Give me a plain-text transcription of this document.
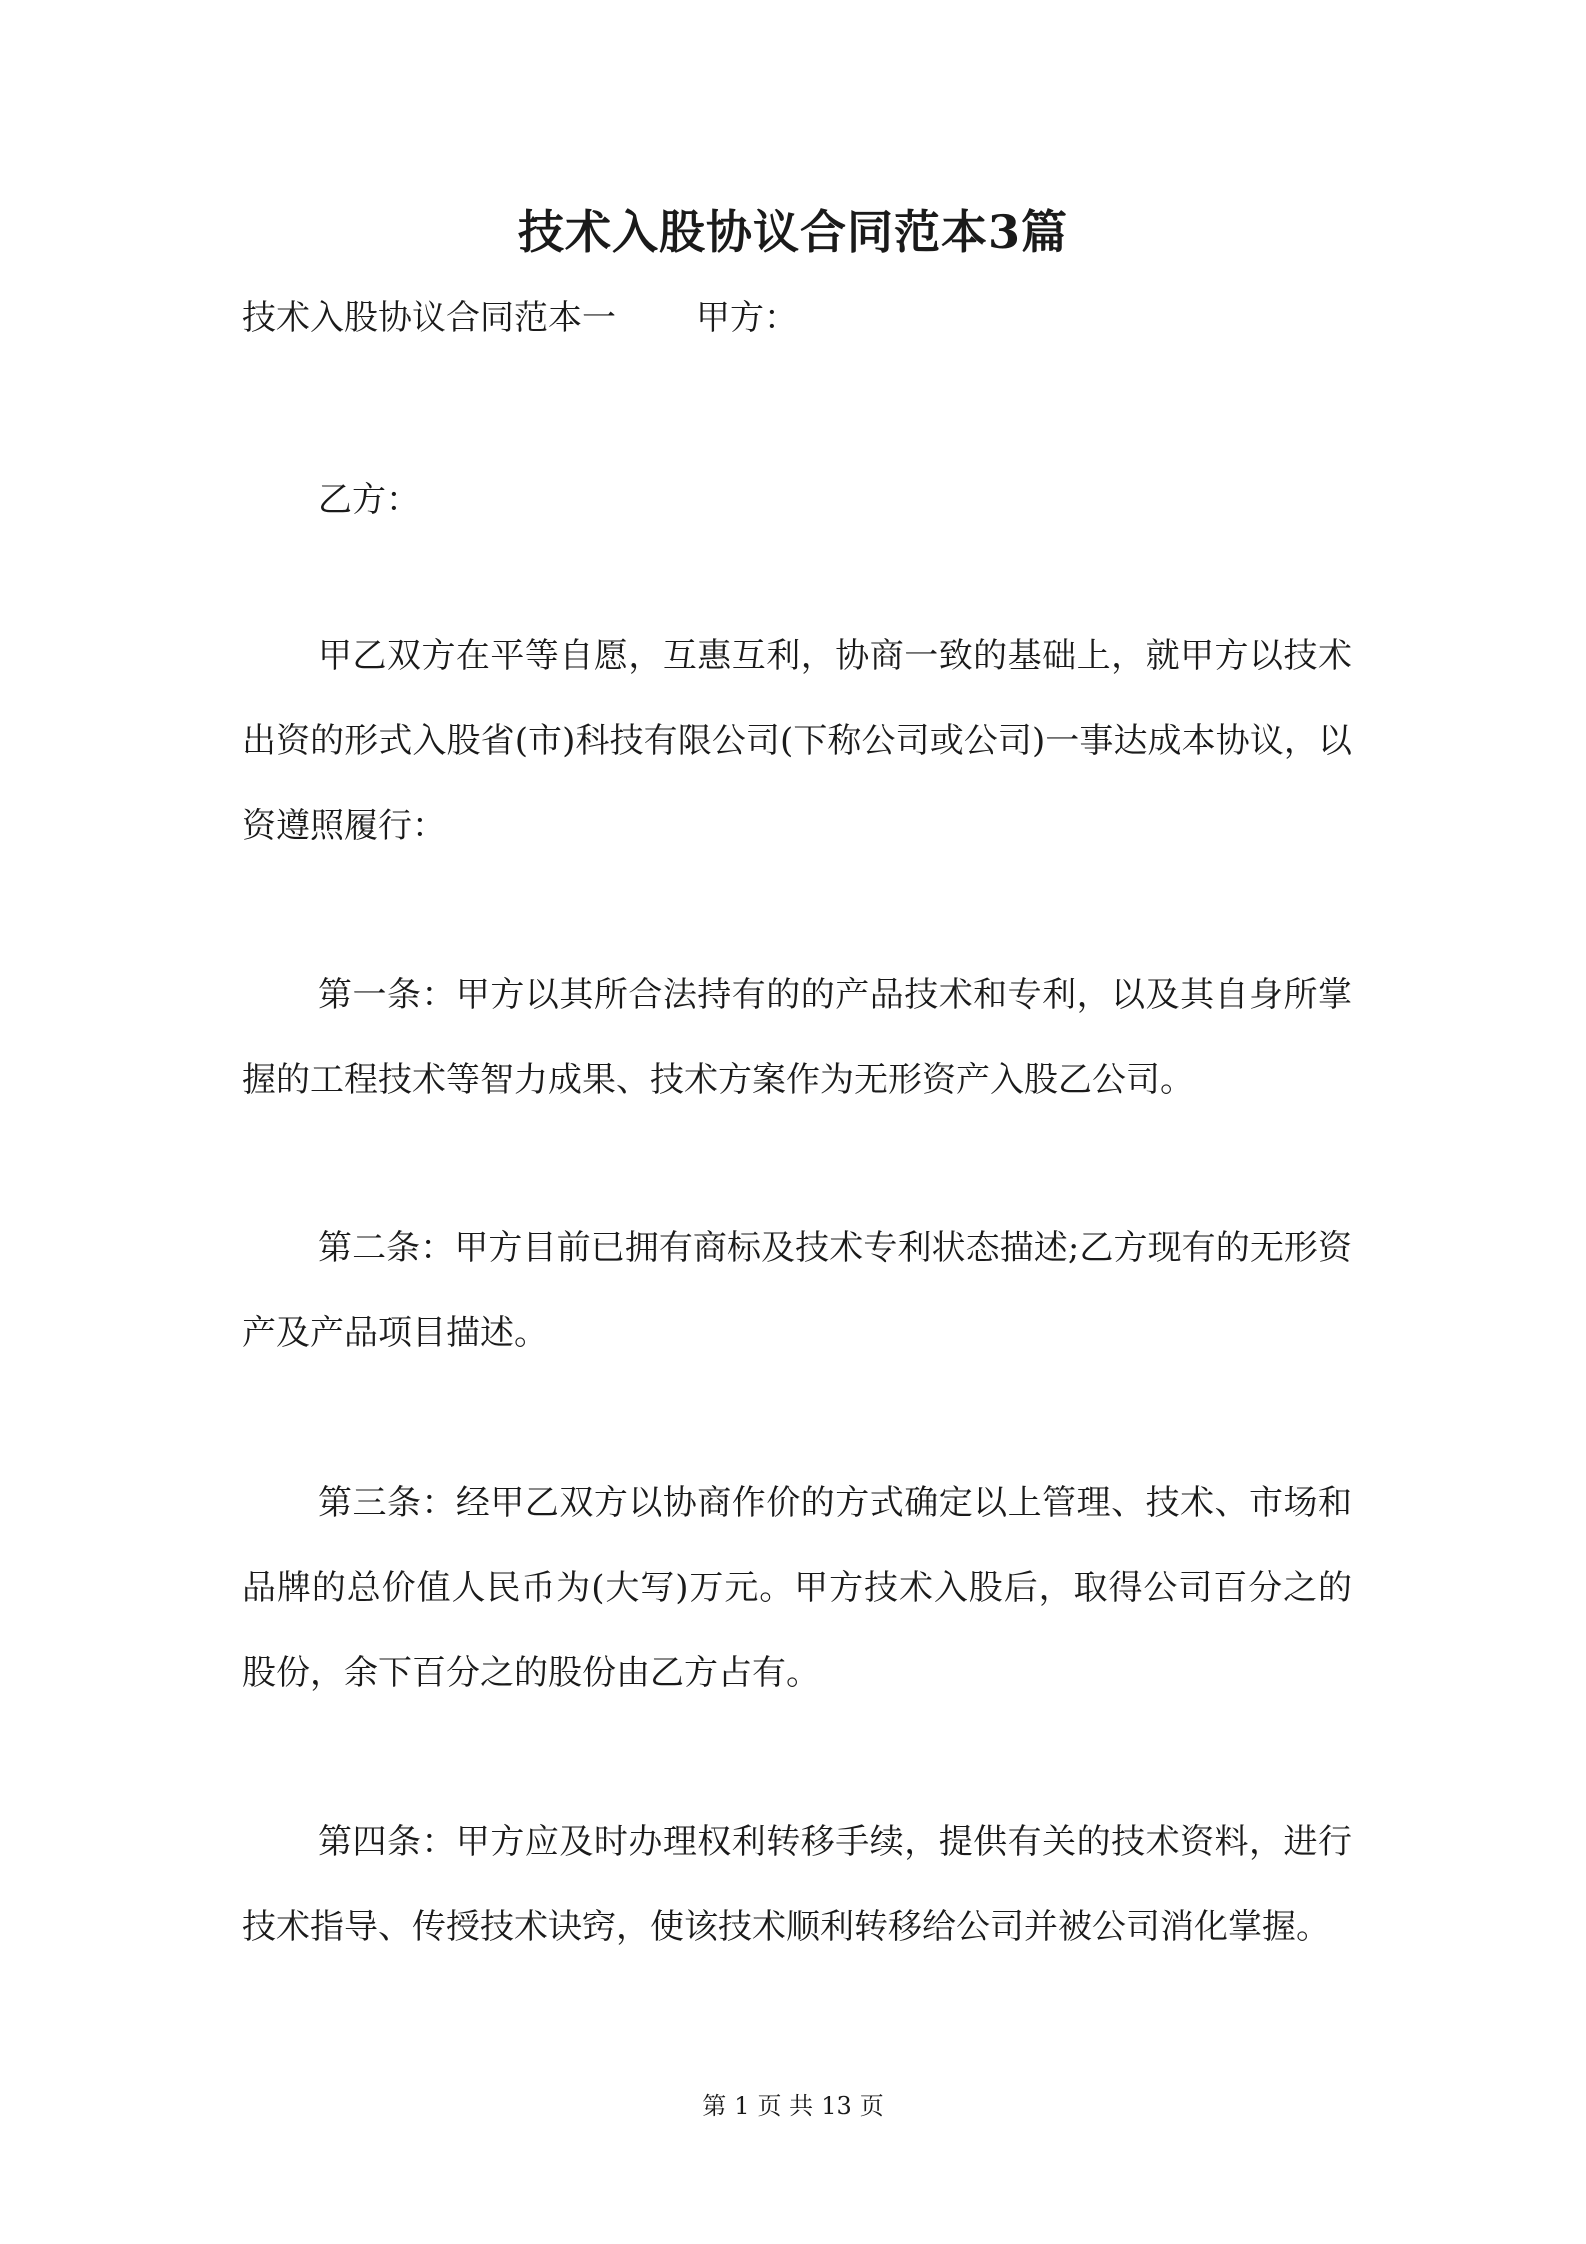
技术入股协议合同范本3篇
技术入股协议合同范本一 甲方：

乙方：

甲乙双方在平等自愿，互惠互利，协商一致的基础上，就甲方以技术出资的形式入股省(市)科技有限公司(下称公司或公司)一事达成本协议，以资遵照履行：

第一条：甲方以其所合法持有的的产品技术和专利，以及其自身所掌握的工程技术等智力成果、技术方案作为无形资产入股乙公司。

第二条：甲方目前已拥有商标及技术专利状态描述;乙方现有的无形资产及产品项目描述。

第三条：经甲乙双方以协商作价的方式确定以上管理、技术、市场和品牌的总价值人民币为(大写)万元。甲方技术入股后，取得公司百分之的股份，余下百分之的股份由乙方占有。

第四条：甲方应及时办理权利转移手续，提供有关的技术资料，进行技术指导、传授技术诀窍，使该技术顺利转移给公司并被公司消化掌握。

第 1 页 共 13 页
